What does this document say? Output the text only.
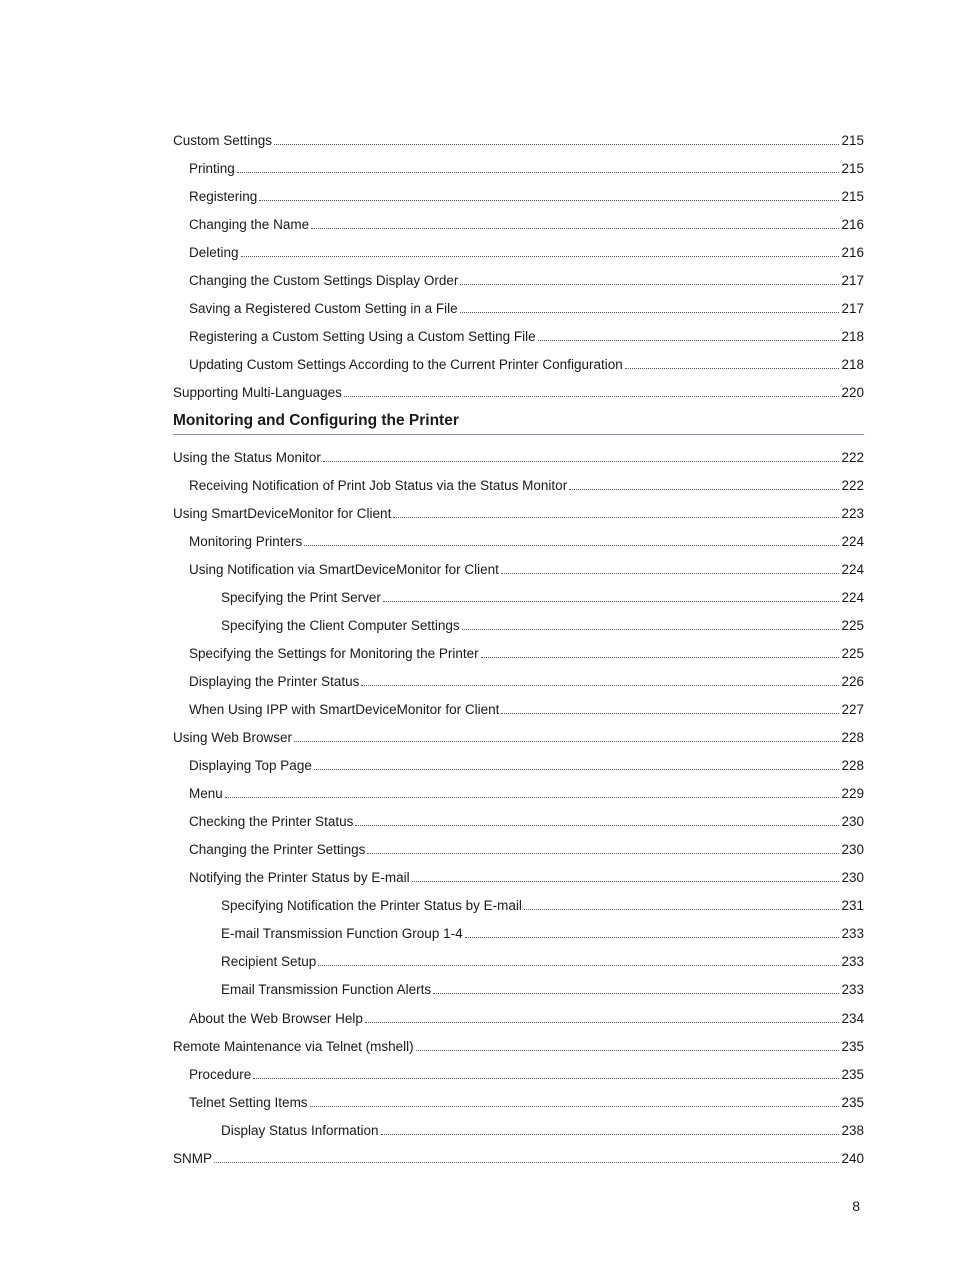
Custom Settings	215
Printing	215
Registering	215
Changing the Name	216
Deleting	216
Changing the Custom Settings Display Order	217
Saving a Registered Custom Setting in a File	217
Registering a Custom Setting Using a Custom Setting File	218
Updating Custom Settings According to the Current Printer Configuration	218
Supporting Multi-Languages	220
Monitoring and Configuring the Printer
Using the Status Monitor	222
Receiving Notification of Print Job Status via the Status Monitor	222
Using SmartDeviceMonitor for Client	223
Monitoring Printers	224
Using Notification via SmartDeviceMonitor for Client	224
Specifying the Print Server	224
Specifying the Client Computer Settings	225
Specifying the Settings for Monitoring the Printer	225
Displaying the Printer Status	226
When Using IPP with SmartDeviceMonitor for Client	227
Using Web Browser	228
Displaying Top Page	228
Menu	229
Checking the Printer Status	230
Changing the Printer Settings	230
Notifying the Printer Status by E-mail	230
Specifying Notification the Printer Status by E-mail	231
E-mail Transmission Function Group 1-4	233
Recipient Setup	233
Email Transmission Function Alerts	233
About the Web Browser Help	234
Remote Maintenance via Telnet (mshell)	235
Procedure	235
Telnet Setting Items	235
Display Status Information	238
SNMP	240
8
